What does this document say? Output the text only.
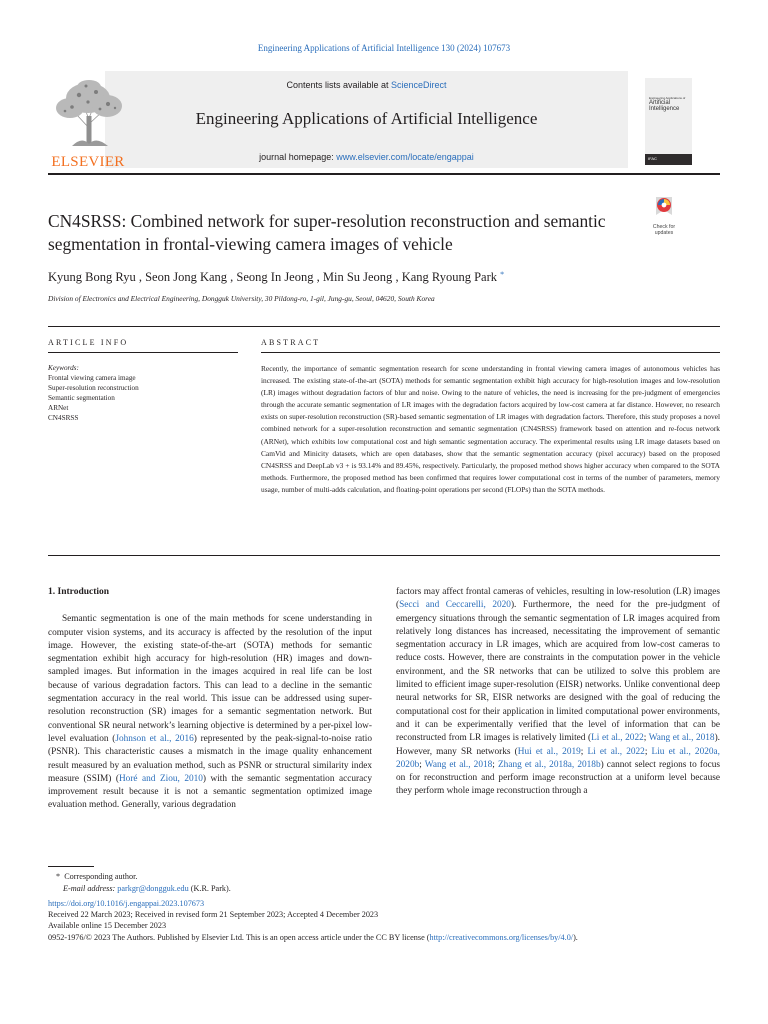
Engineering Applications of Artificial Intelligence 130 (2024) 107673
ELSEVIER
Contents lists available at ScienceDirect
Engineering Applications of Artificial Intelligence
journal homepage: www.elsevier.com/locate/engappai
Engineering Applications of
Artificial
Intelligence
IFAC
CN4SRSS: Combined network for super-resolution reconstruction and semantic segmentation in frontal-viewing camera images of vehicle
Check for
updates
Kyung Bong Ryu , Seon Jong Kang , Seong In Jeong , Min Su Jeong , Kang Ryoung Park *
Division of Electronics and Electrical Engineering, Dongguk University, 30 Pildong-ro, 1-gil, Jung-gu, Seoul, 04620, South Korea
ARTICLE INFO	ABSTRACT
Keywords:
Frontal viewing camera image
Super-resolution reconstruction
Semantic segmentation
ARNet
CN4SRSS
Recently, the importance of semantic segmentation research for scene understanding in frontal viewing camera images of autonomous vehicles has increased. The existing state-of-the-art (SOTA) methods for semantic segmentation exhibit high accuracy for high-resolution images and low-resolution (LR) images without degradation factors of blur and noise. Owing to the nature of vehicles, the need is increasing for the pre-judgment of emergencies through the accurate semantic segmentation of LR images with the degradation factors acquired by low-cost camera at far distance. However, no research exists on super-resolution reconstruction (SR)-based semantic segmentation of LR images with degradation factors. Therefore, this study proposes a novel combined network for a super-resolution reconstruction and semantic segmentation (CN4SRSS) framework based on attention and re-focus network (ARNet), which exhibits low computational cost and high semantic segmentation accuracy. The experimental results using LR image datasets based on CamVid and Minicity datasets, which are open databases, show that the semantic segmentation accuracy (pixel accuracy) based on the proposed CN4SRSS and DeepLab v3 + is 93.14% and 89.45%, respectively. Particularly, the proposed method shows higher accuracy when compared to the SOTA methods. Furthermore, the proposed method has been confirmed that requires lower computational cost in terms of the number of parameters, memory usage, number of multi-adds calculation, and floating-point operations per second (FLOPs) than the SOTA methods.
1. Introduction
Semantic segmentation is one of the main methods for scene understanding in computer vision systems, and its accuracy is affected by the resolution of the input image. However, the existing state-of-the-art (SOTA) methods for semantic segmentation exhibit high accuracy for high-resolution (HR) images and down-sampled images. But information in the images acquired in real life can be lost because of various degradation factors. This can lead to a decline in the semantic segmentation accuracy in the real world. This issue can be addressed using super-resolution reconstruction (SR) images for a semantic segmentation network. But conventional SR neural network’s learning objective is determined by a per-pixel low-level evaluation (Johnson et al., 2016) represented by the peak-signal-to-noise ratio (PSNR). This characteristic causes a mismatch in the image quality enhancement result measured by an evaluation method, such as PSNR or structural similarity index measure (SSIM) (Horé and Ziou, 2010) with the semantic segmentation accuracy improvement result because it is not a semantic segmentation optimized image evaluation method. Generally, various degradation
factors may affect frontal cameras of vehicles, resulting in low-resolution (LR) images (Secci and Ceccarelli, 2020). Furthermore, the need for the pre-judgment of emergency situations through the semantic segmentation of LR images acquired from relatively long distances has increased, necessitating the improvement of semantic segmentation accuracy in LR images, which are acquired from low-cost cameras to reduce costs. However, there are constraints in the computation power in the vehicle environment, and the SR networks that can be utilized to solve this problem are limited to efficient image super-resolution (EISR) networks. Unlike conventional deep neural networks for SR, EISR networks are designed with the goal of reducing the computational cost for their application in limited computational power environments, and it can be experimentally verified that the level of information that can be reconstructed from LR images is relatively limited (Li et al., 2022; Wang et al., 2018). However, many SR networks (Hui et al., 2019; Li et al., 2022; Liu et al., 2020a, 2020b; Wang et al., 2018; Zhang et al., 2018a, 2018b) cannot select regions to focus on for reconstruction and perform image reconstruction at a uniform level because they perform whole image reconstruction through a
* Corresponding author.
E-mail address: parkgr@dongguk.edu (K.R. Park).
https://doi.org/10.1016/j.engappai.2023.107673
Received 22 March 2023; Received in revised form 21 September 2023; Accepted 4 December 2023
Available online 15 December 2023
0952-1976/© 2023 The Authors. Published by Elsevier Ltd. This is an open access article under the CC BY license (http://creativecommons.org/licenses/by/4.0/).
